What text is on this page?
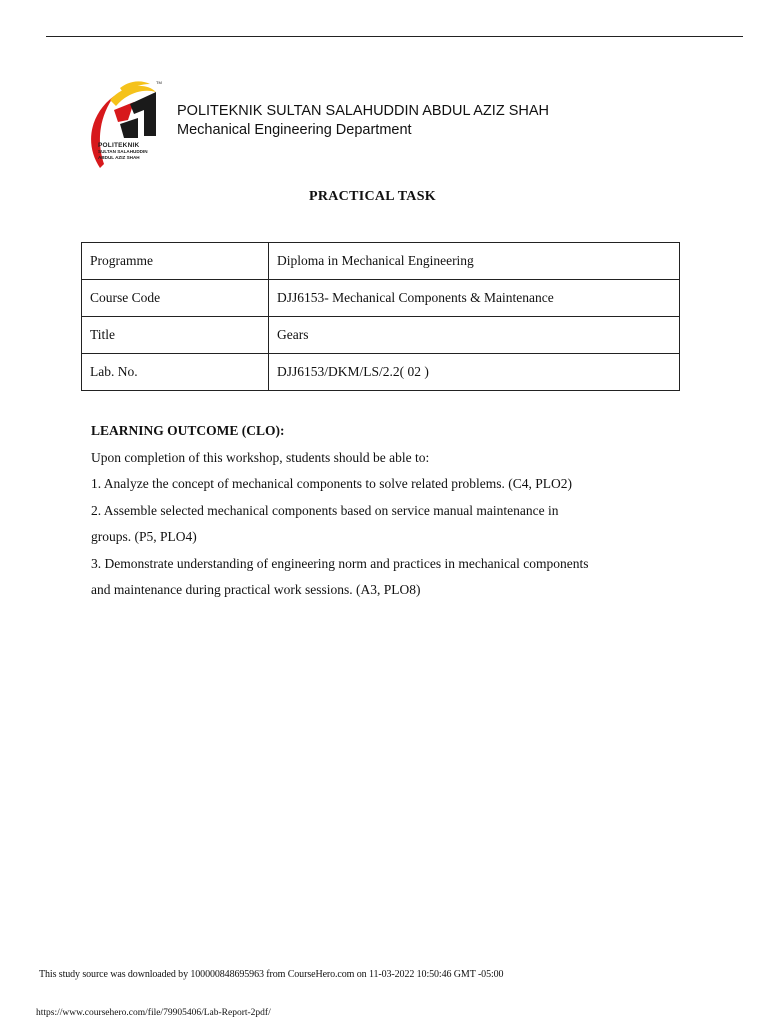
TM
POLITEKNIK
SULTAN SALAHUDDIN
ABDUL AZIZ SHAH
POLITEKNIK SULTAN SALAHUDDIN ABDUL AZIZ SHAH
Mechanical Engineering Department
PRACTICAL TASK
Programme	Diploma in Mechanical Engineering
Course Code	DJJ6153- Mechanical Components & Maintenance
Title	Gears
Lab. No.	DJJ6153/DKM/LS/2.2( 02 )
LEARNING OUTCOME (CLO):
Upon completion of this workshop, students should be able to:
1. Analyze the concept of mechanical components to solve related problems. (C4, PLO2)
2. Assemble selected mechanical components based on service manual maintenance in
groups. (P5, PLO4)
3. Demonstrate understanding of engineering norm and practices in mechanical components
and maintenance during practical work sessions. (A3, PLO8)
This study source was downloaded by 100000848695963 from CourseHero.com on 11-03-2022 10:50:46 GMT -05:00
https://www.coursehero.com/file/79905406/Lab-Report-2pdf/
